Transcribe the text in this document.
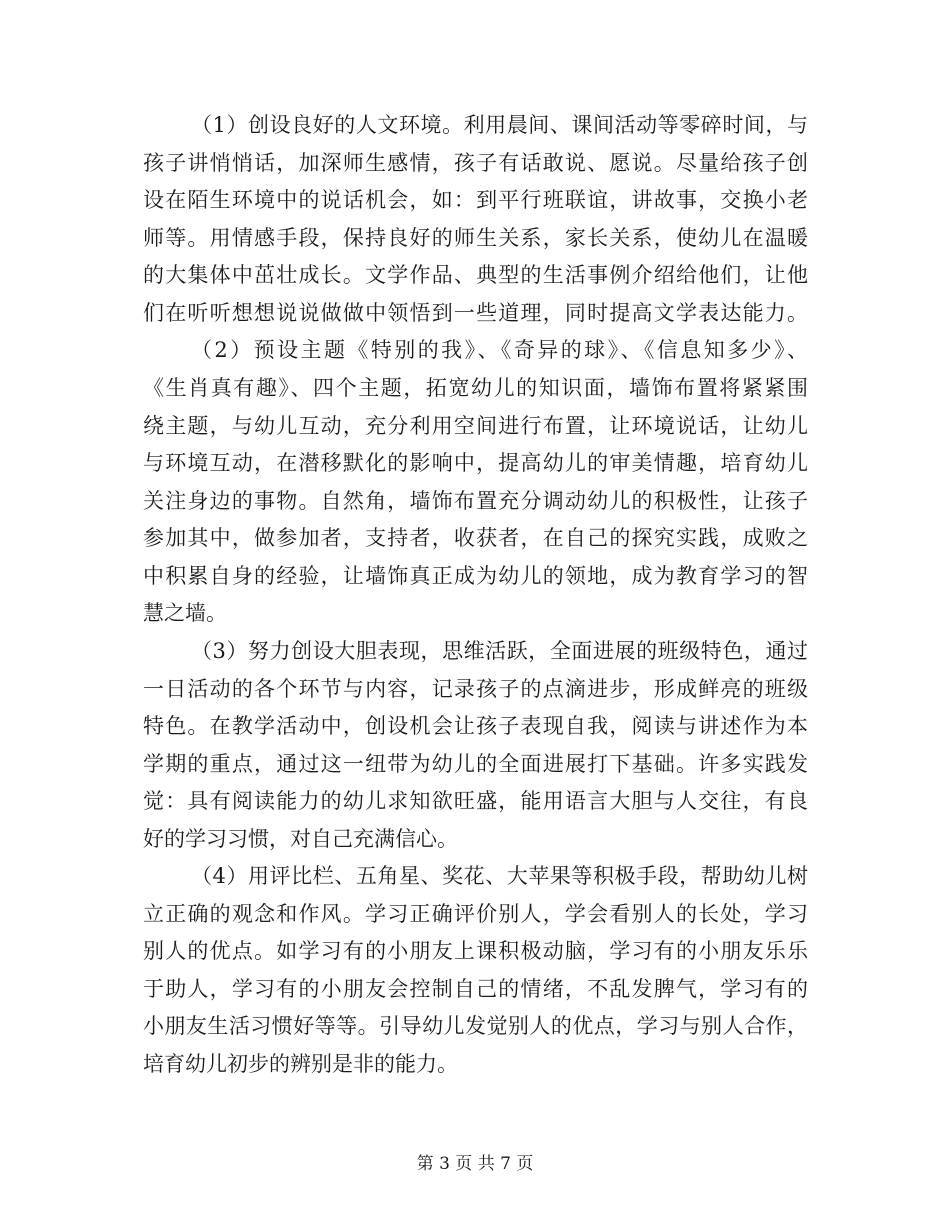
（1）创设良好的人文环境。利用晨间、课间活动等零碎时间，与
孩子讲悄悄话，加深师生感情，孩子有话敢说、愿说。尽量给孩子创
设在陌生环境中的说话机会，如：到平行班联谊，讲故事，交换小老
师等。用情感手段，保持良好的师生关系，家长关系，使幼儿在温暖
的大集体中茁壮成长。文学作品、典型的生活事例介绍给他们，让他
们在听听想想说说做做中领悟到一些道理，同时提高文学表达能力。
（2）预设主题《特别的我》、《奇异的球》、《信息知多少》、
《生肖真有趣》、四个主题，拓宽幼儿的知识面，墙饰布置将紧紧围
绕主题，与幼儿互动，充分利用空间进行布置，让环境说话，让幼儿
与环境互动，在潜移默化的影响中，提高幼儿的审美情趣，培育幼儿
关注身边的事物。自然角，墙饰布置充分调动幼儿的积极性，让孩子
参加其中，做参加者，支持者，收获者，在自己的探究实践，成败之
中积累自身的经验，让墙饰真正成为幼儿的领地，成为教育学习的智
慧之墙。
（3）努力创设大胆表现，思维活跃，全面进展的班级特色，通过
一日活动的各个环节与内容，记录孩子的点滴进步，形成鲜亮的班级
特色。在教学活动中，创设机会让孩子表现自我，阅读与讲述作为本
学期的重点，通过这一纽带为幼儿的全面进展打下基础。许多实践发
觉：具有阅读能力的幼儿求知欲旺盛，能用语言大胆与人交往，有良
好的学习习惯，对自己充满信心。
（4）用评比栏、五角星、奖花、大苹果等积极手段，帮助幼儿树
立正确的观念和作风。学习正确评价别人，学会看别人的长处，学习
别人的优点。如学习有的小朋友上课积极动脑，学习有的小朋友乐乐
于助人，学习有的小朋友会控制自己的情绪，不乱发脾气，学习有的
小朋友生活习惯好等等。引导幼儿发觉别人的优点，学习与别人合作，
培育幼儿初步的辨别是非的能力。
第 3 页 共 7 页
